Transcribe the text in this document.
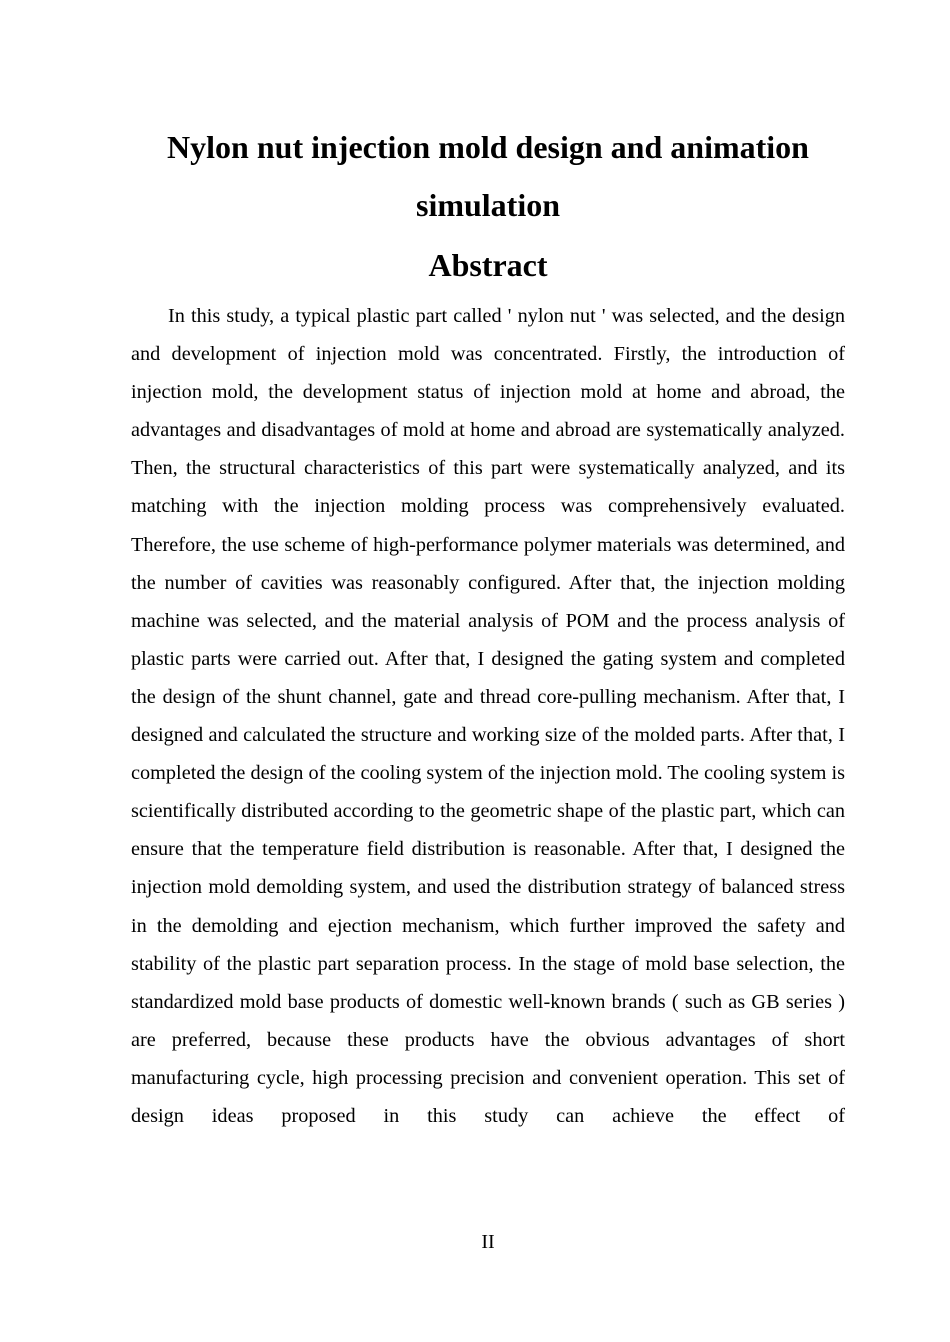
Nylon nut injection mold design and animation simulation
Abstract

In this study, a typical plastic part called ' nylon nut ' was selected, and the design and development of injection mold was concentrated. Firstly, the introduction of injection mold, the development status of injection mold at home and abroad, the advantages and disadvantages of mold at home and abroad are systematically analyzed. Then, the structural characteristics of this part were systematically analyzed, and its matching with the injection molding process was comprehensively evaluated. Therefore, the use scheme of high-performance polymer materials was determined, and the number of cavities was reasonably configured. After that, the injection molding machine was selected, and the material analysis of POM and the process analysis of plastic parts were carried out. After that, I designed the gating system and completed the design of the shunt channel, gate and thread core-pulling mechanism. After that, I designed and calculated the structure and working size of the molded parts. After that, I completed the design of the cooling system of the injection mold. The cooling system is scientifically distributed according to the geometric shape of the plastic part, which can ensure that the temperature field distribution is reasonable. After that, I designed the injection mold demolding system, and used the distribution strategy of balanced stress in the demolding and ejection mechanism, which further improved the safety and stability of the plastic part separation process. In the stage of mold base selection, the standardized mold base products of domestic well-known brands ( such as GB series ) are preferred, because these products have the obvious advantages of short manufacturing cycle, high processing precision and convenient operation. This set of design ideas proposed in this study can achieve the effect of

II
